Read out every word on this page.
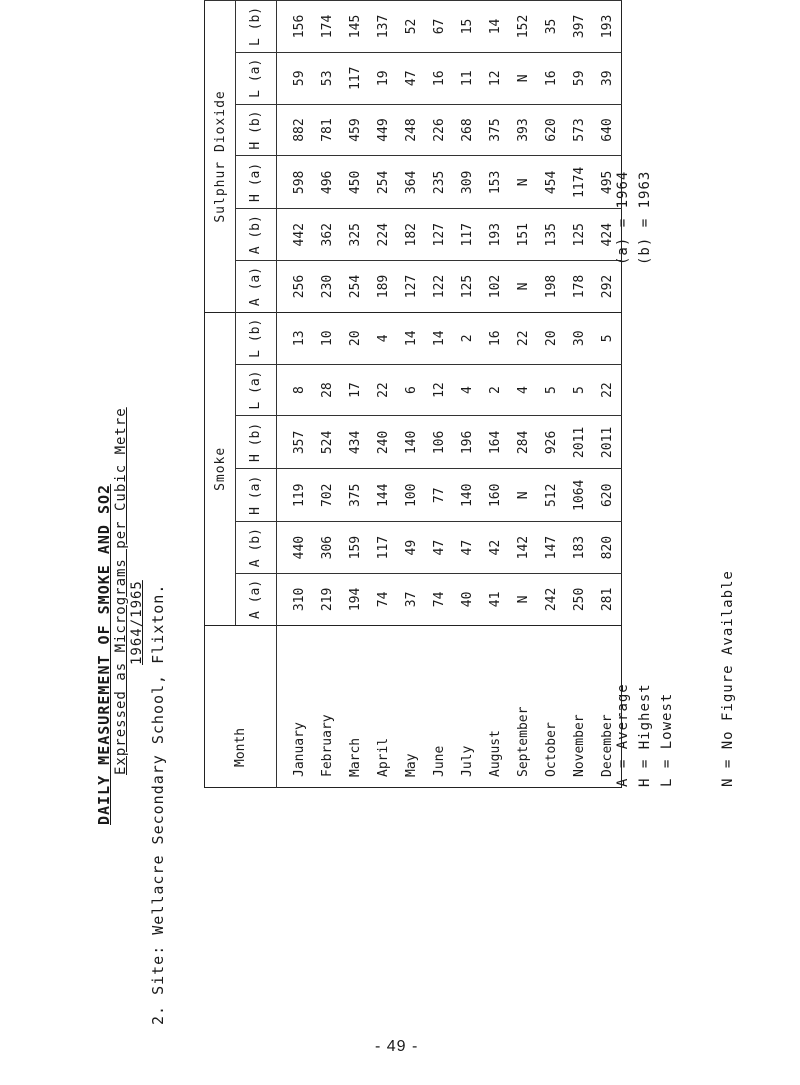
DAILY MEASUREMENT OF SMOKE AND SO2 Expressed as Micrograms per Cubic Metre 1964/1965 2. Site: Wellacre Secondary School, Flixton.	Month	Smoke						Sulphur Dioxide					
	A (a)	A (b)	H (a)	H (b)	L (a)	L (b)	A (a)	A (b)	H (a)	H (b)	L (a)	L (b)
January	310	440	119	357	8	13	256	442	598	882	59	156
February	219	306	702	524	28	10	230	362	496	781	53	174
March	194	159	375	434	17	20	254	325	450	459	117	145
April	74	117	144	240	22	4	189	224	254	449	19	137
May	37	49	100	140	6	14	127	182	364	248	47	52
June	74	47	77	106	12	14	122	127	235	226	16	67
July	40	47	140	196	4	2	125	117	309	268	11	15
August	41	42	160	164	2	16	102	193	153	375	12	14
September	N	142	N	284	4	22	N	151	N	393	N	152
October	242	147	512	926	5	20	198	135	454	620	16	35
November	250	183	1064	2011	5	30	178	125	1174	573	59	397
December	281	820	620	2011	22	5	292	424	495	640	39	193
A = Average
H = Highest
L = Lowest
(a) = 1964
(b) = 1963
N = No Figure Available
- 49 -
